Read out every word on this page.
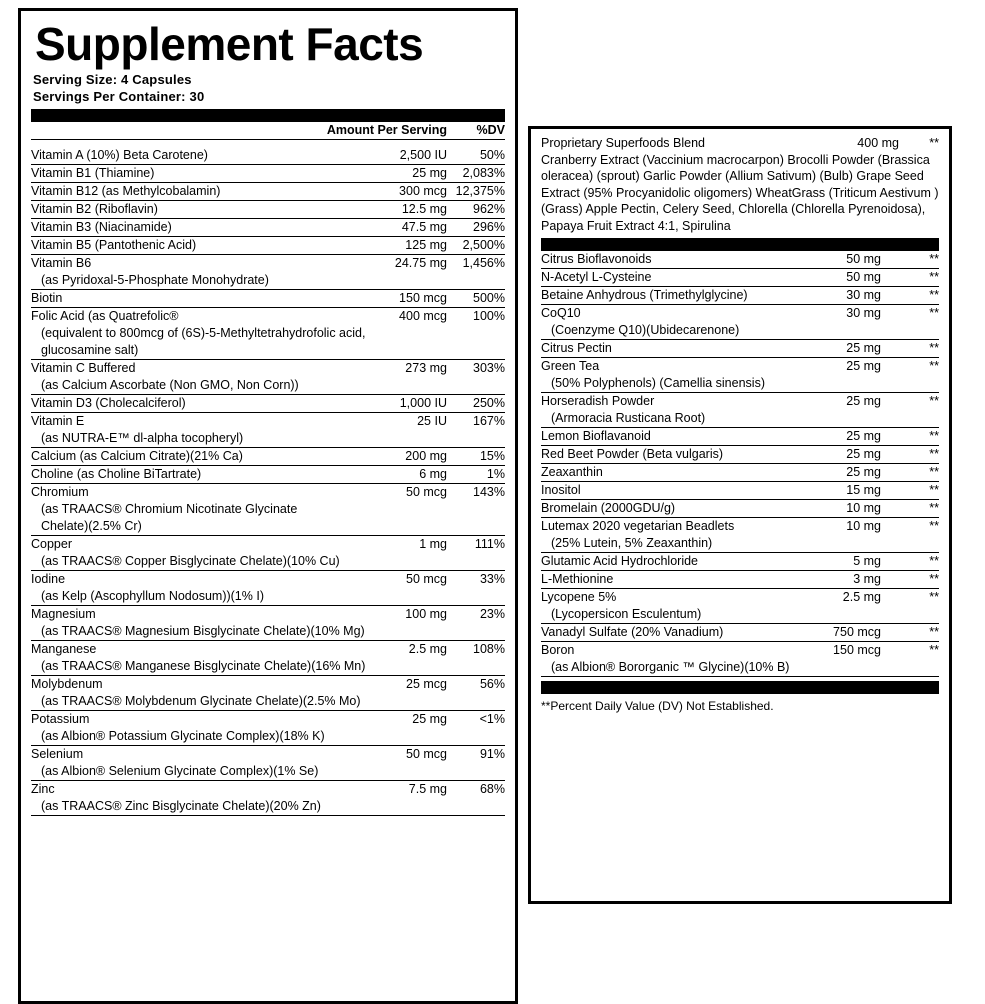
Supplement Facts
Serving Size: 4 Capsules
Servings Per Container: 30
	Amount Per Serving	%DV

Vitamin A (10%) Beta Carotene)	2,500 IU	50%
Vitamin B1 (Thiamine)	25 mg	2,083%
Vitamin B12 (as Methylcobalamin)	300 mcg	12,375%
Vitamin B2 (Riboflavin)	12.5 mg	962%
Vitamin B3 (Niacinamide)	47.5 mg	296%
Vitamin B5 (Pantothenic Acid)	125 mg	2,500%
Vitamin B6	24.75 mg	1,456%
(as Pyridoxal-5-Phosphate Monohydrate)		
Biotin	150 mcg	500%
Folic Acid (as Quatrefolic®	400 mcg	100%
(equivalent to 800mcg of (6S)-5-Methyltetrahydrofolic acid,		
glucosamine salt)		
Vitamin C Buffered	273 mg	303%
(as Calcium Ascorbate (Non GMO, Non Corn))		
Vitamin D3 (Cholecalciferol)	1,000 IU	250%
Vitamin E	25 IU	167%
(as NUTRA-E™ dl-alpha tocopheryl)		
Calcium (as Calcium Citrate)(21% Ca)	200 mg	15%
Choline (as Choline BiTartrate)	6 mg	1%
Chromium	50 mcg	143%
(as TRAACS® Chromium Nicotinate Glycinate		
Chelate)(2.5% Cr)		
Copper	1 mg	111%
(as TRAACS® Copper Bisglycinate Chelate)(10% Cu)		
Iodine	50 mcg	33%
(as Kelp (Ascophyllum Nodosum))(1% I)		
Magnesium	100 mg	23%
(as TRAACS® Magnesium Bisglycinate Chelate)(10% Mg)		
Manganese	2.5 mg	108%
(as TRAACS® Manganese Bisglycinate Chelate)(16% Mn)		
Molybdenum	25 mcg	56%
(as TRAACS® Molybdenum Glycinate Chelate)(2.5% Mo)		
Potassium	25 mg	<1%
(as Albion® Potassium Glycinate Complex)(18% K)		
Selenium	50 mcg	91%
(as Albion® Selenium Glycinate Complex)(1% Se)		
Zinc	7.5 mg	68%
(as TRAACS® Zinc Bisglycinate Chelate)(20% Zn)		
Proprietary Superfoods Blend	400 mg	**
Cranberry Extract (Vaccinium macrocarpon) Brocolli Powder (Brassica oleracea) (sprout) Garlic Powder (Allium Sativum) (Bulb) Grape Seed Extract (95% Procyanidolic oligomers) WheatGrass (Triticum Aestivum ) (Grass) Apple Pectin, Celery Seed, Chlorella (Chlorella Pyrenoidosa), Papaya Fruit Extract 4:1, Spirulina
Citrus Bioflavonoids	50 mg	**
N-Acetyl L-Cysteine	50 mg	**
Betaine Anhydrous (Trimethylglycine)	30 mg	**
CoQ10	30 mg	**
(Coenzyme Q10)(Ubidecarenone)		
Citrus Pectin	25 mg	**
Green Tea	25 mg	**
(50% Polyphenols) (Camellia sinensis)		
Horseradish Powder	25 mg	**
(Armoracia Rusticana Root)		
Lemon Bioflavanoid	25 mg	**
Red Beet Powder (Beta vulgaris)	25 mg	**
Zeaxanthin	25 mg	**
Inositol	15 mg	**
Bromelain (2000GDU/g)	10 mg	**
Lutemax 2020 vegetarian Beadlets	10 mg	**
(25% Lutein, 5% Zeaxanthin)		
Glutamic Acid Hydrochloride	5 mg	**
L-Methionine	3 mg	**
Lycopene 5%	2.5 mg	**
(Lycopersicon Esculentum)		
Vanadyl Sulfate (20% Vanadium)	750 mcg	**
Boron	150 mcg	**
(as Albion® Bororganic ™ Glycine)(10% B)		
**Percent Daily Value (DV) Not Established.
